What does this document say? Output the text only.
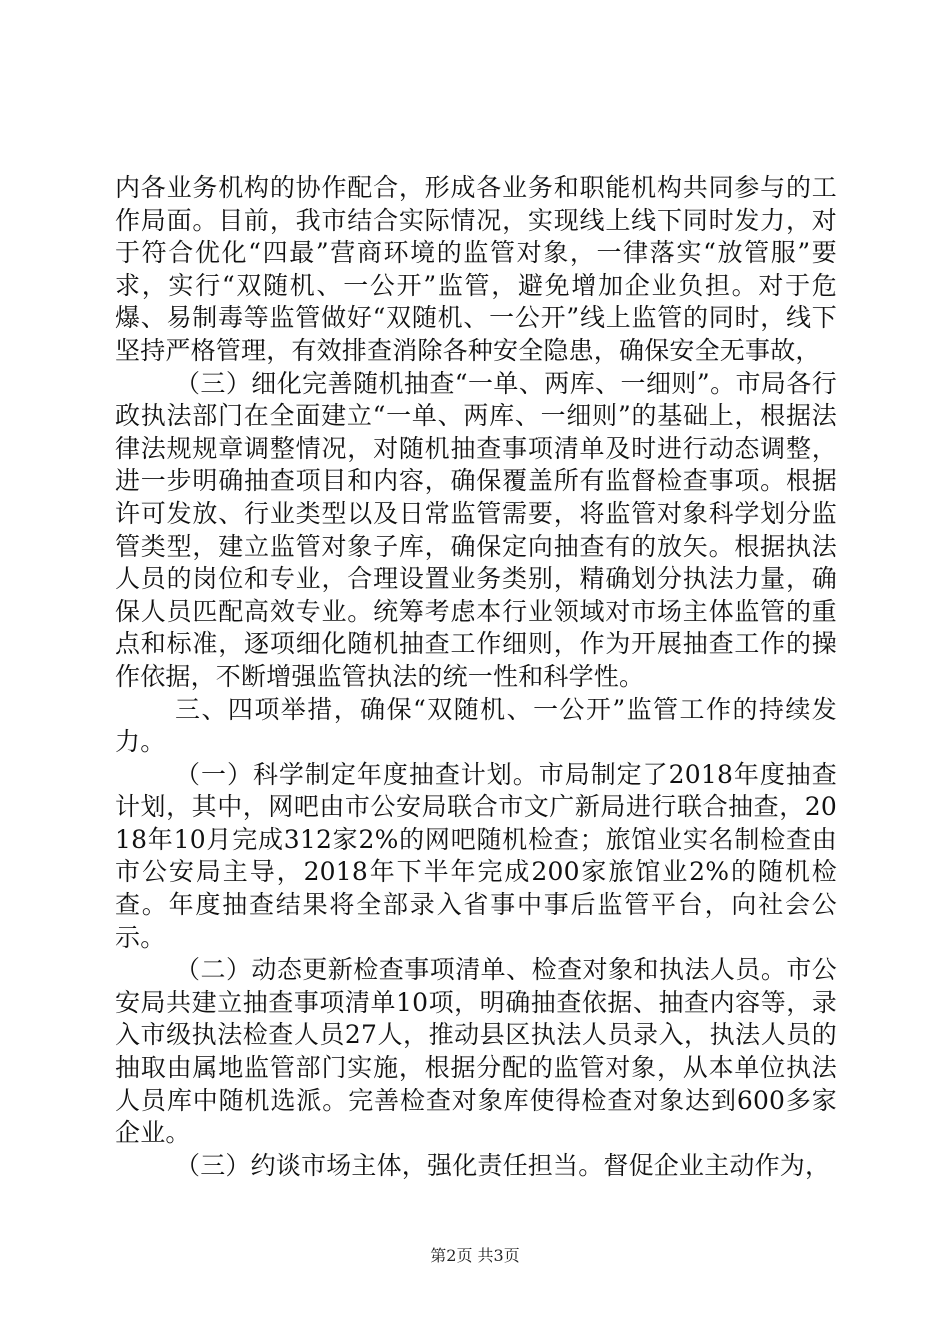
内各业务机构的协作配合，形成各业务和职能机构共同参与的工作局面。目前，我市结合实际情况，实现线上线下同时发力，对于符合优化“四最”营商环境的监管对象，一律落实“放管服”要求，实行“双随机、一公开”监管，避免增加企业负担。对于危爆、易制毒等监管做好“双随机、一公开”线上监管的同时，线下坚持严格管理，有效排查消除各种安全隐患，确保安全无事故，

（三）细化完善随机抽查“一单、两库、一细则”。市局各行政执法部门在全面建立“一单、两库、一细则”的基础上，根据法律法规规章调整情况，对随机抽查事项清单及时进行动态调整，进一步明确抽查项目和内容，确保覆盖所有监督检查事项。根据许可发放、行业类型以及日常监管需要，将监管对象科学划分监管类型，建立监管对象子库，确保定向抽查有的放矢。根据执法人员的岗位和专业，合理设置业务类别，精确划分执法力量，确保人员匹配高效专业。统筹考虑本行业领域对市场主体监管的重点和标准，逐项细化随机抽查工作细则，作为开展抽查工作的操作依据，不断增强监管执法的统一性和科学性。

三、四项举措，确保“双随机、一公开”监管工作的持续发力。

（一）科学制定年度抽查计划。市局制定了2018年度抽查计划，其中，网吧由市公安局联合市文广新局进行联合抽查，2018年10月完成312家2%的网吧随机检查；旅馆业实名制检查由市公安局主导，2018年下半年完成200家旅馆业2%的随机检查。年度抽查结果将全部录入省事中事后监管平台，向社会公示。

（二）动态更新检查事项清单、检查对象和执法人员。市公安局共建立抽查事项清单10项，明确抽查依据、抽查内容等，录入市级执法检查人员27人，推动县区执法人员录入，执法人员的抽取由属地监管部门实施，根据分配的监管对象，从本单位执法人员库中随机选派。完善检查对象库使得检查对象达到600多家企业。

（三）约谈市场主体，强化责任担当。督促企业主动作为，

第2页 共3页
